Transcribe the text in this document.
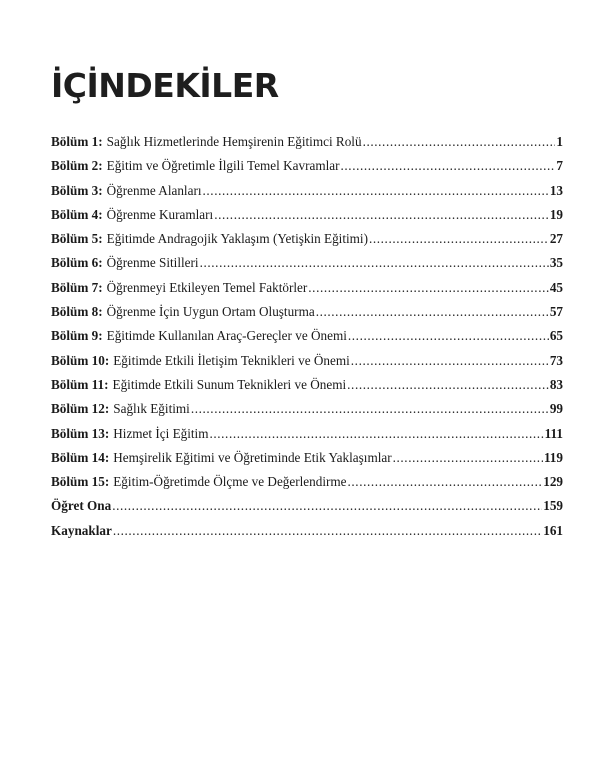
İÇİNDEKİLER
Bölüm 1: Sağlık Hizmetlerinde Hemşirenin Eğitimci Rolü .....	1
Bölüm 2: Eğitim ve Öğretimle İlgili Temel Kavramlar .....	7
Bölüm 3: Öğrenme Alanları .....	13
Bölüm 4: Öğrenme Kuramları .....	19
Bölüm 5: Eğitimde Andragojik Yaklaşım (Yetişkin Eğitimi) .....	27
Bölüm 6: Öğrenme Sitilleri .....	35
Bölüm 7: Öğrenmeyi Etkileyen Temel Faktörler .....	45
Bölüm 8: Öğrenme İçin Uygun Ortam Oluşturma .....	57
Bölüm 9: Eğitimde Kullanılan Araç-Gereçler ve Önemi .....	65
Bölüm 10: Eğitimde Etkili İletişim Teknikleri ve Önemi .....	73
Bölüm 11: Eğitimde Etkili Sunum Teknikleri ve Önemi .....	83
Bölüm 12: Sağlık Eğitimi .....	99
Bölüm 13: Hizmet İçi Eğitim .....	111
Bölüm 14: Hemşirelik Eğitimi ve Öğretiminde Etik Yaklaşımlar .....	119
Bölüm 15: Eğitim-Öğretimde Ölçme ve Değerlendirme .....	129
Öğret Ona .....	159
Kaynaklar .....	161
